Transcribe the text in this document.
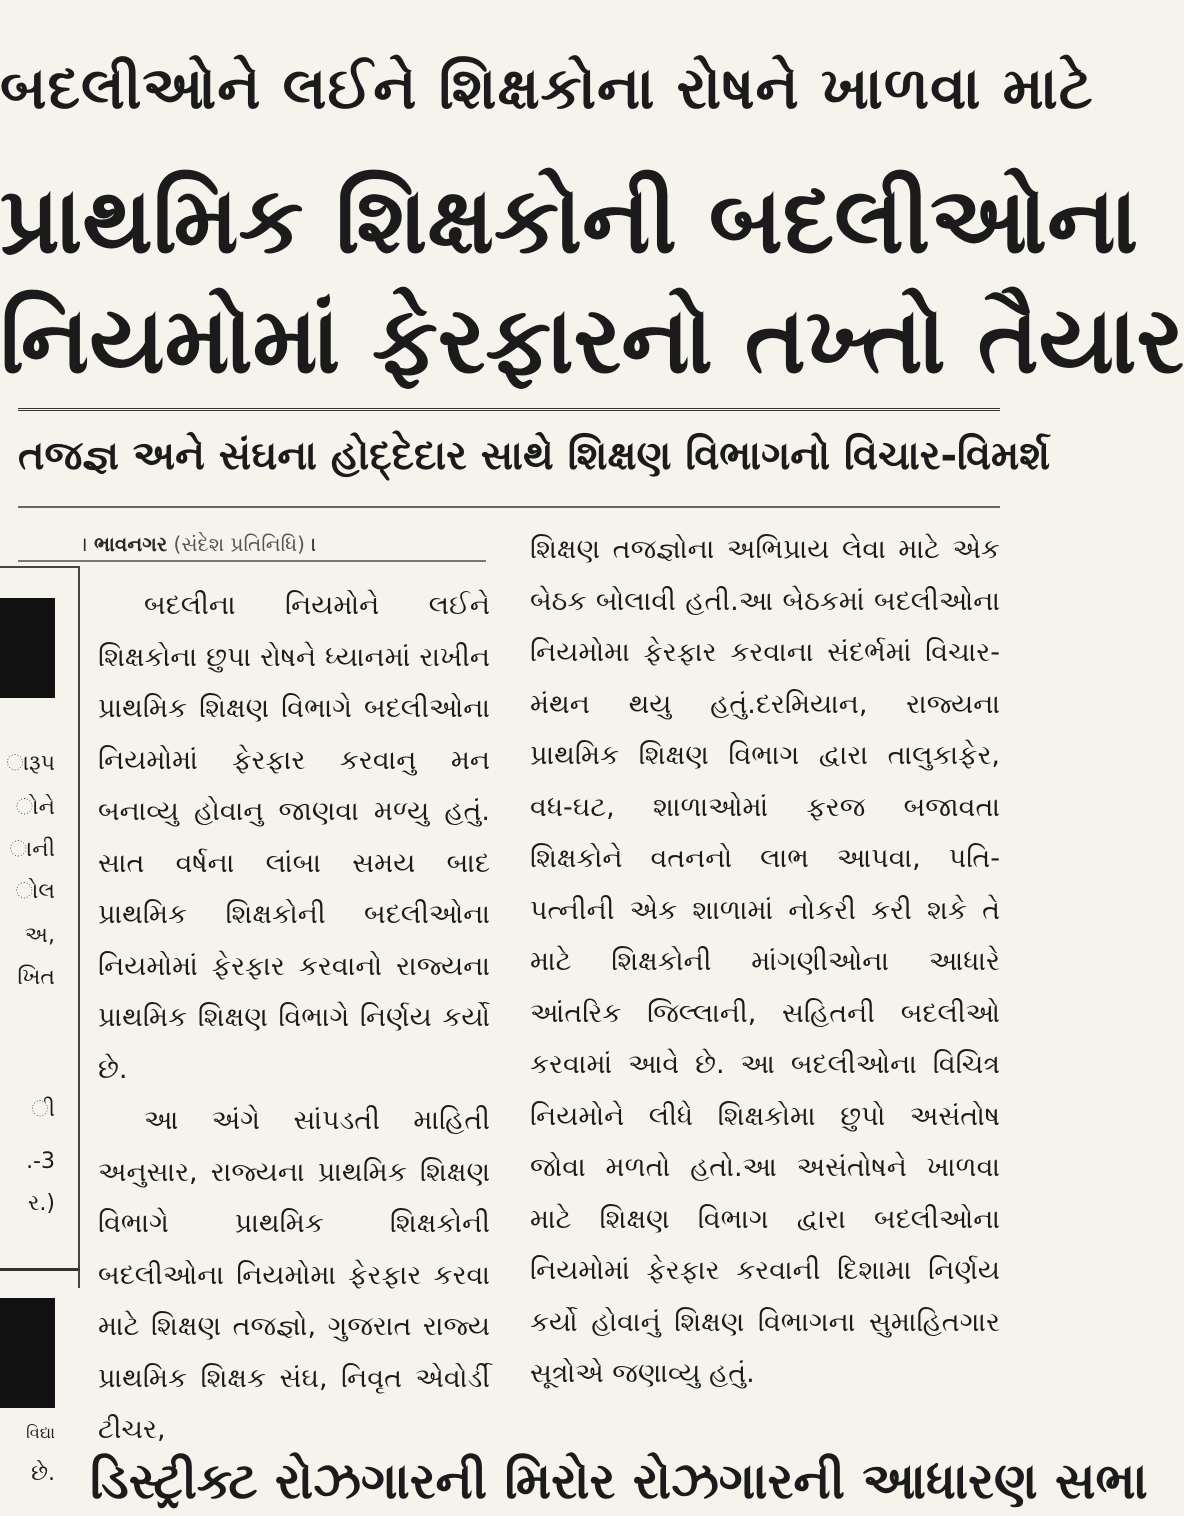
બદલીઓને લઈને શિક્ષકોના રોષને ખાળવા માટે
પ્રાથમિક શિક્ષકોની બદલીઓના
નિયમોમાં ફેરફારનો તખ્તો તૈયાર
તજજ્ઞ અને સંઘના હોદ્દેદાર સાથે શિક્ષણ વિભાગનો વિચાર-વિમર્શ
ારૂપ
ોને
ાની
ોલ
અ,
ખિત
ી
.-3
ર.)
વિદ્યા
છે.
। ભાવનગર (સંદેશ પ્રતિનિધિ) ।

બદલીના નિયમોને લઈને શિક્ષકોના છુપા રોષને ધ્યાનમાં રાખીન પ્રાથમિક શિક્ષણ વિભાગે બદલીઓના નિયમોમાં ફેરફાર કરવાનુ મન બનાવ્યુ હોવાનુ જાણવા મળ્યુ હતું. સાત વર્ષના લાંબા સમય બાદ પ્રાથમિક શિક્ષકોની બદલીઓના નિયમોમાં ફેરફાર કરવાનો રાજ્યના પ્રાથમિક શિક્ષણ વિભાગે નિર્ણય કર્યો છે.

આ અંગે સાંપડતી માહિતી અનુસાર, રાજ્યના પ્રાથમિક શિક્ષણ વિભાગે પ્રાથમિક શિક્ષકોની બદલીઓના નિયમોમા ફેરફાર કરવા માટે શિક્ષણ તજજ્ઞો, ગુજરાત રાજ્ય પ્રાથમિક શિક્ષક સંઘ, નિવૃત એવોર્ડી ટીચર,

શિક્ષણ તજજ્ઞોના અભિપ્રાય લેવા માટે એક બેઠક બોલાવી હતી.આ બેઠકમાં બદલીઓના નિયમોમા ફેરફાર કરવાના સંદર્ભમાં વિચાર-મંથન થયુ હતું.દરમિયાન, રાજ્યના પ્રાથમિક શિક્ષણ વિભાગ દ્વારા તાલુકાફેર, વધ-ઘટ, શાળાઓમાં ફરજ બજાવતા શિક્ષકોને વતનનો લાભ આપવા, પતિ-પત્નીની એક શાળામાં નોકરી કરી શકે તે માટે શિક્ષકોની માંગણીઓના આધારે આંતરિક જિલ્લાની, સહિતની બદલીઓ કરવામાં આવે છે. આ બદલીઓના વિચિત્ર નિયમોને લીધે શિક્ષકોમા છુપો અસંતોષ જોવા મળતો હતો.આ અસંતોષને ખાળવા માટે શિક્ષણ વિભાગ દ્વારા બદલીઓના નિયમોમાં ફેરફાર કરવાની દિશામા નિર્ણય કર્યો હોવાનું શિક્ષણ વિભાગના સુમાહિતગાર સૂત્રોએ જણાવ્યુ હતું.

ડિસ્ટ્રીક્ટ રોઝગારની મિરોર રોઝગારની આધારણ સભા
